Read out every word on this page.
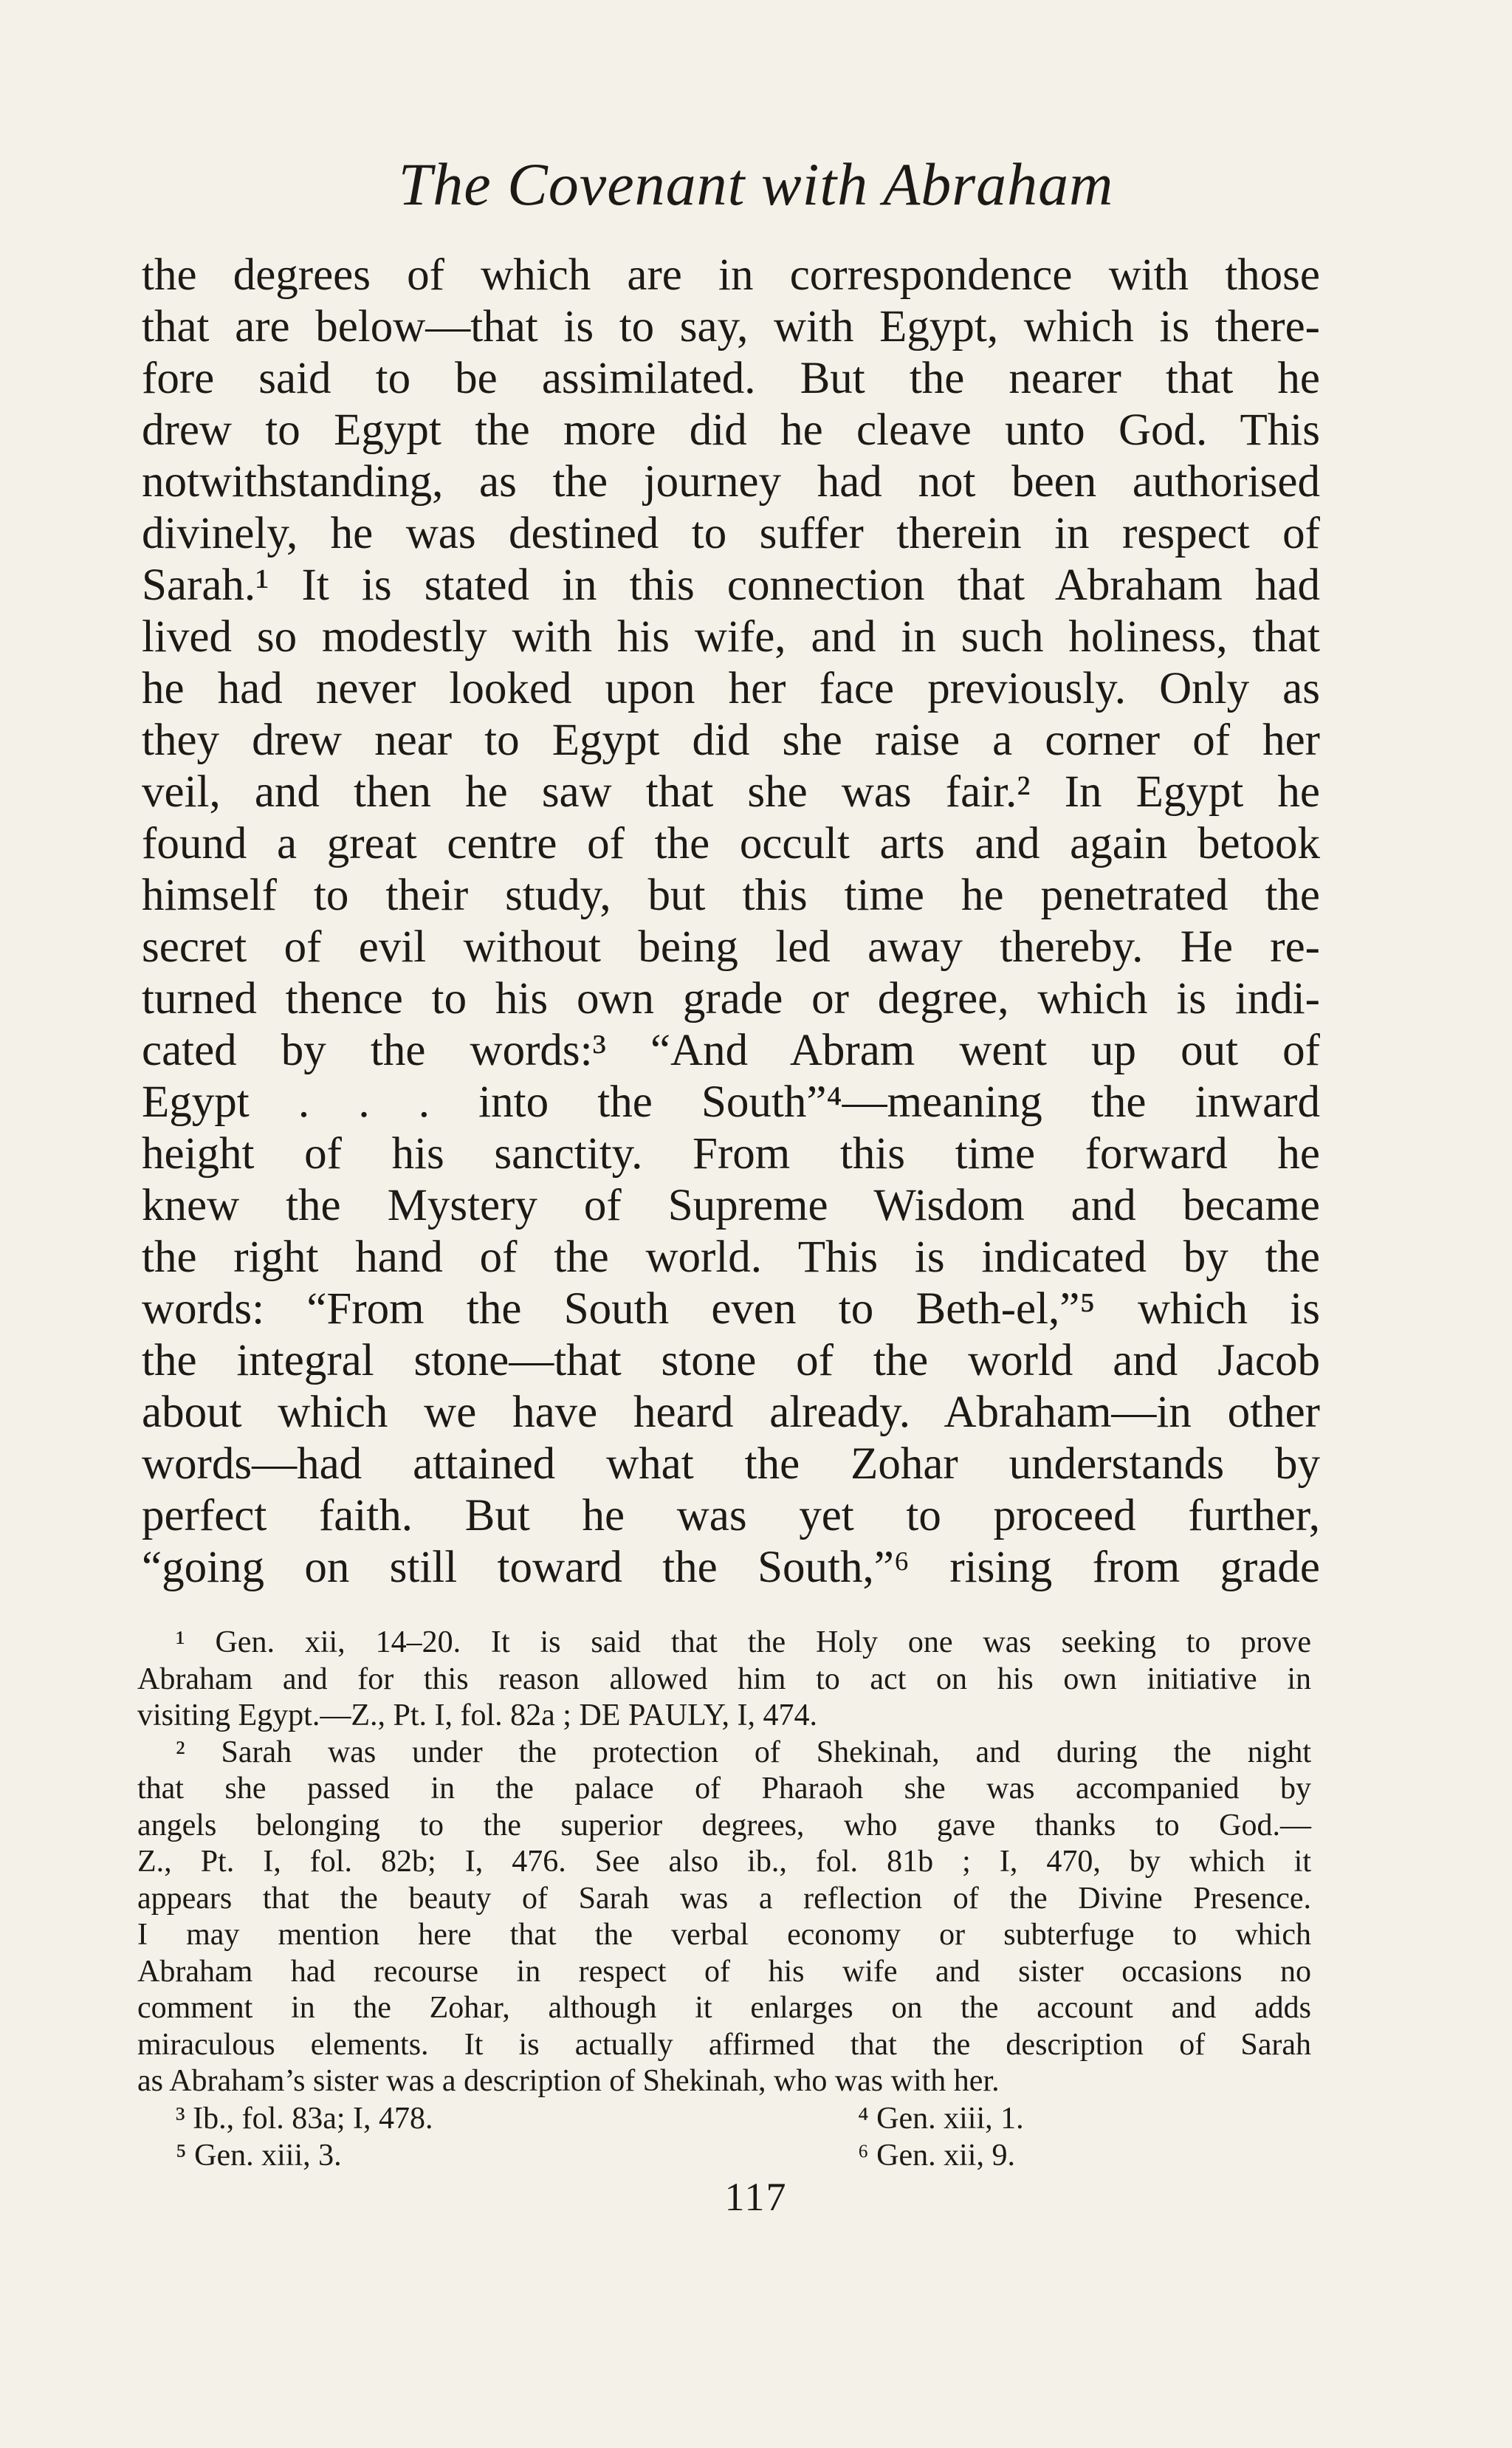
The Covenant with Abraham
the degrees of which are in correspondence with those
that are below—that is to say, with Egypt, which is there-
fore said to be assimilated. But the nearer that he
drew to Egypt the more did he cleave unto God. This
notwithstanding, as the journey had not been authorised
divinely, he was destined to suffer therein in respect of
Sarah.¹ It is stated in this connection that Abraham had
lived so modestly with his wife, and in such holiness, that
he had never looked upon her face previously. Only as
they drew near to Egypt did she raise a corner of her
veil, and then he saw that she was fair.² In Egypt he
found a great centre of the occult arts and again betook
himself to their study, but this time he penetrated the
secret of evil without being led away thereby. He re-
turned thence to his own grade or degree, which is indi-
cated by the words:³ “And Abram went up out of
Egypt . . . into the South”⁴—meaning the inward
height of his sanctity. From this time forward he
knew the Mystery of Supreme Wisdom and became
the right hand of the world. This is indicated by the
words: “From the South even to Beth-el,”⁵ which is
the integral stone—that stone of the world and Jacob
about which we have heard already. Abraham—in other
words—had attained what the Zohar understands by
perfect faith. But he was yet to proceed further,
“going on still toward the South,”⁶ rising from grade
¹ Gen. xii, 14–20. It is said that the Holy one was seeking to prove
Abraham and for this reason allowed him to act on his own initiative in
visiting Egypt.—Z., Pt. I, fol. 82a ; DE PAULY, I, 474.
² Sarah was under the protection of Shekinah, and during the night
that she passed in the palace of Pharaoh she was accompanied by
angels belonging to the superior degrees, who gave thanks to God.—
Z., Pt. I, fol. 82b; I, 476. See also ib., fol. 81b ; I, 470, by which it
appears that the beauty of Sarah was a reflection of the Divine Presence.
I may mention here that the verbal economy or subterfuge to which
Abraham had recourse in respect of his wife and sister occasions no
comment in the Zohar, although it enlarges on the account and adds
miraculous elements. It is actually affirmed that the description of Sarah
as Abraham’s sister was a description of Shekinah, who was with her.
³ Ib., fol. 83a; I, 478.	⁴ Gen. xiii, 1.
⁵ Gen. xiii, 3.	⁶ Gen. xii, 9.
117
